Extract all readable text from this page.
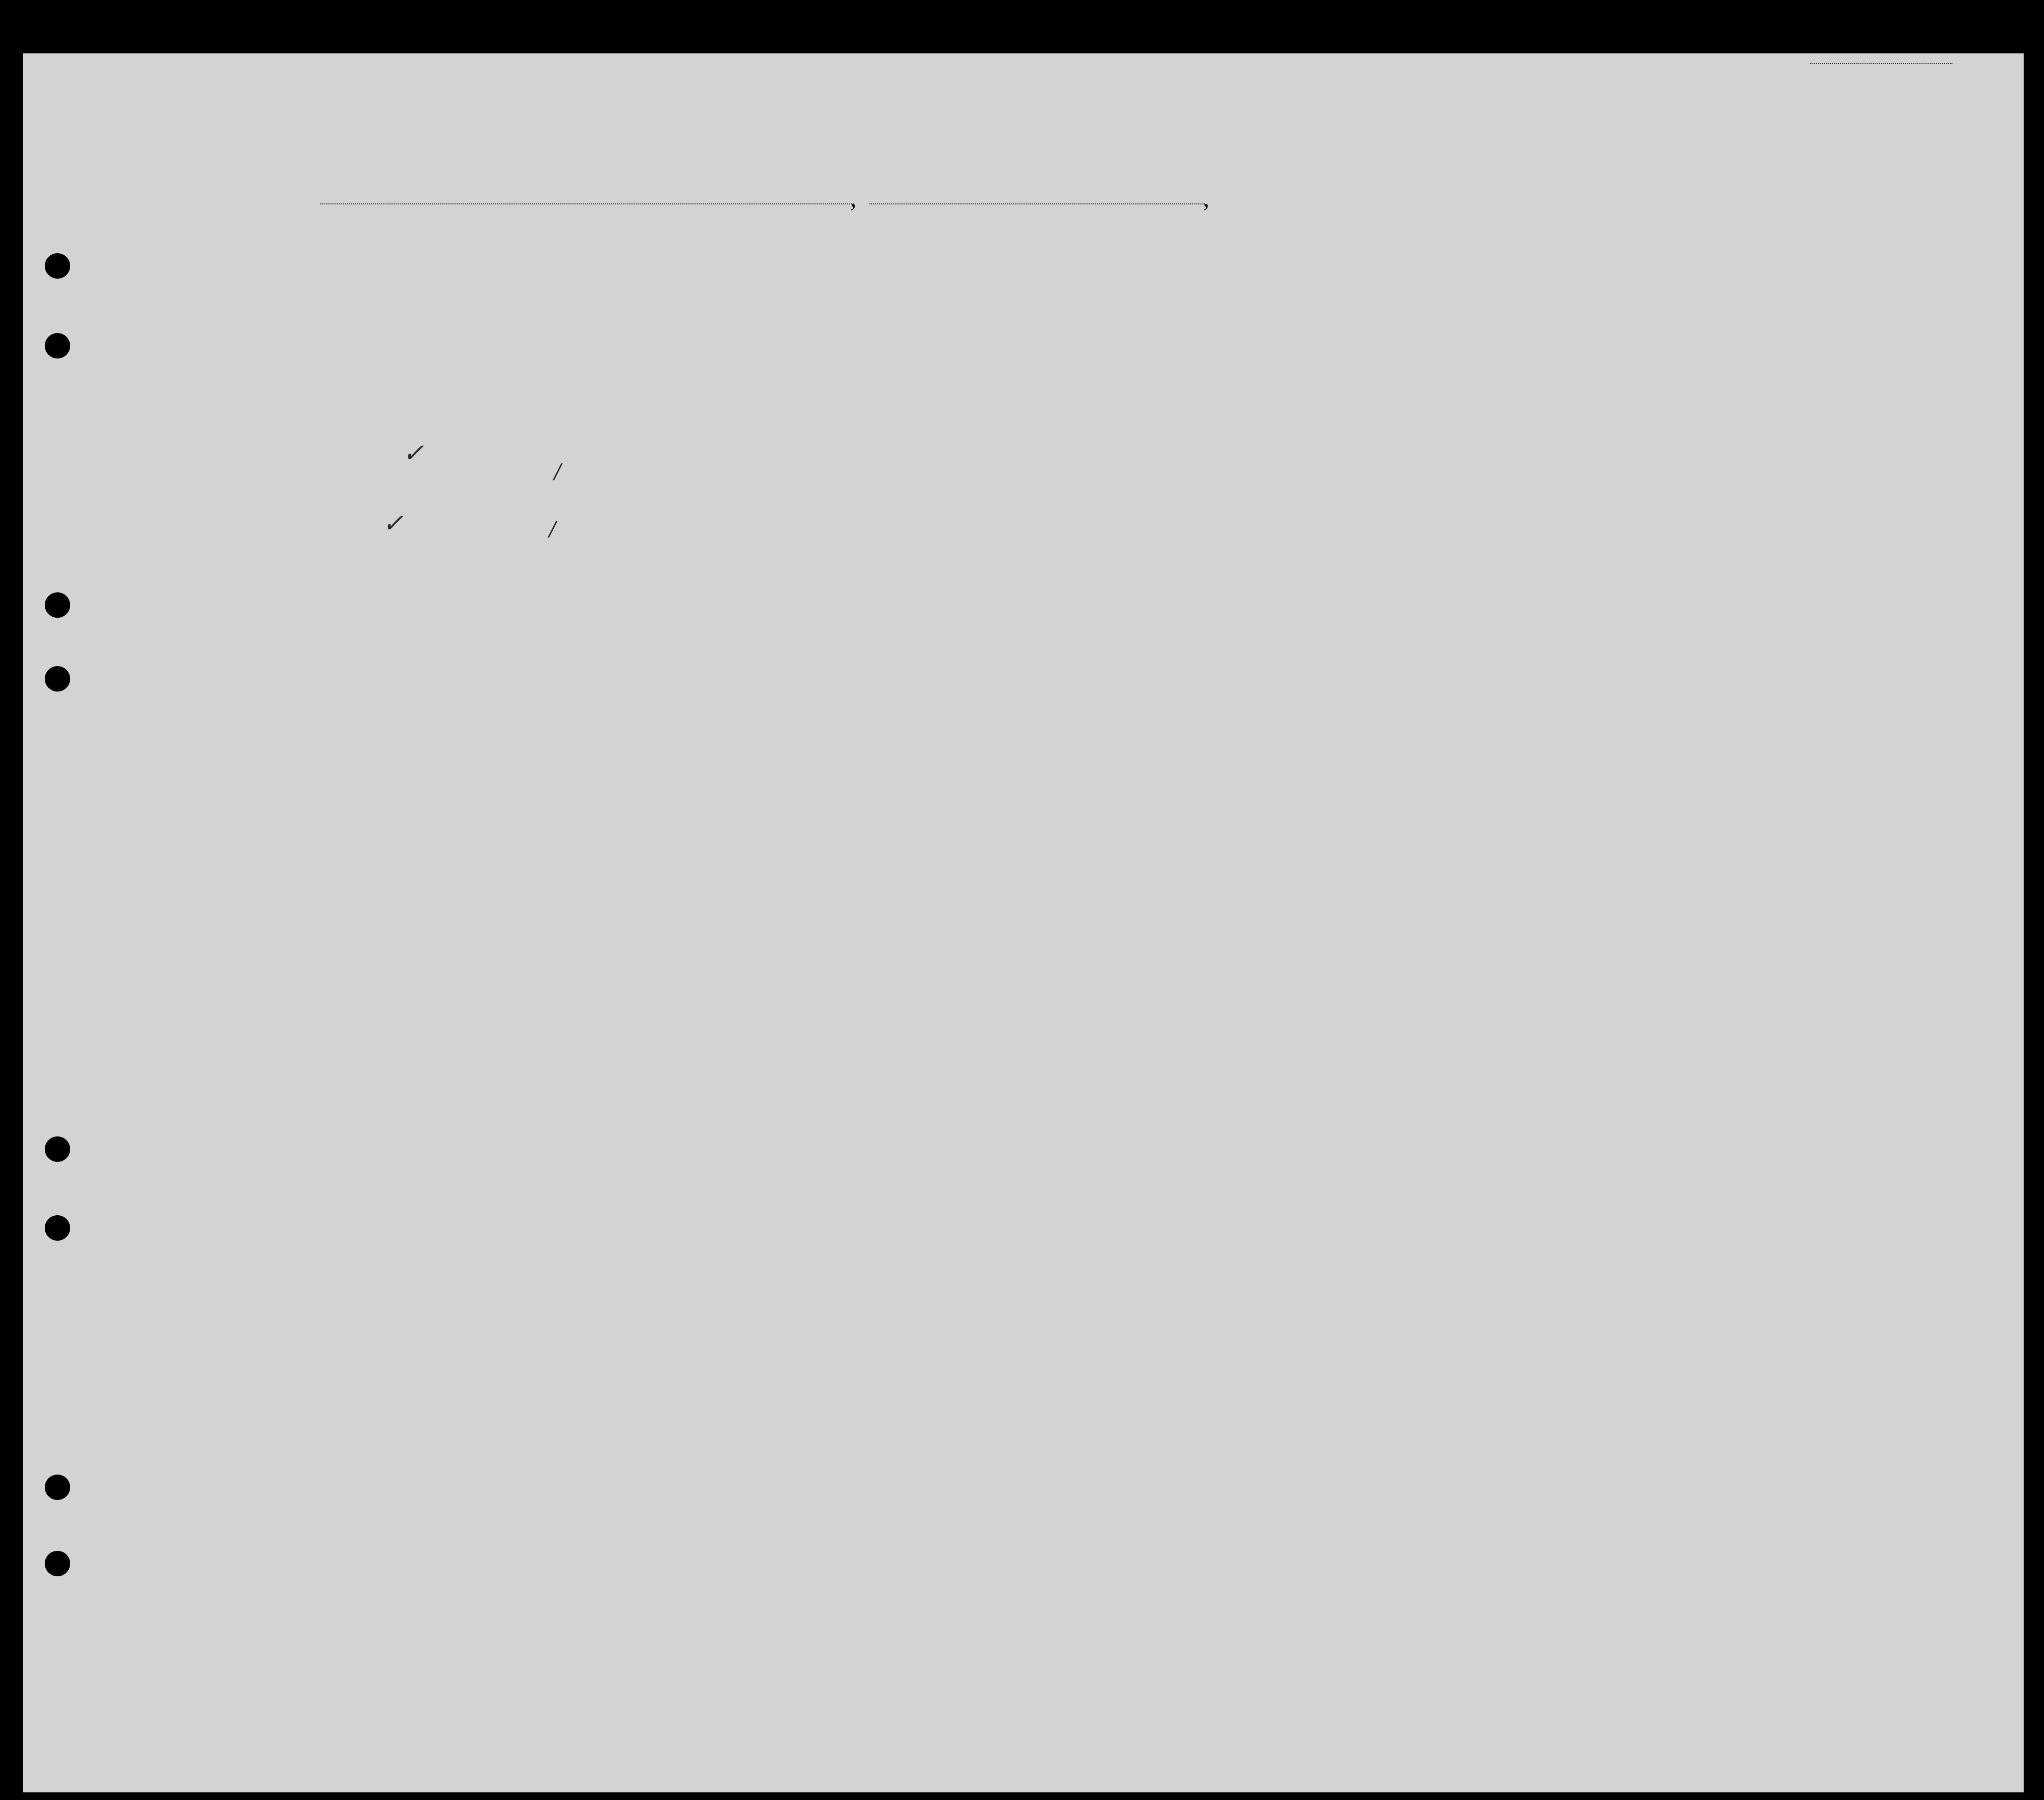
,	,
✓
✓
/
/
